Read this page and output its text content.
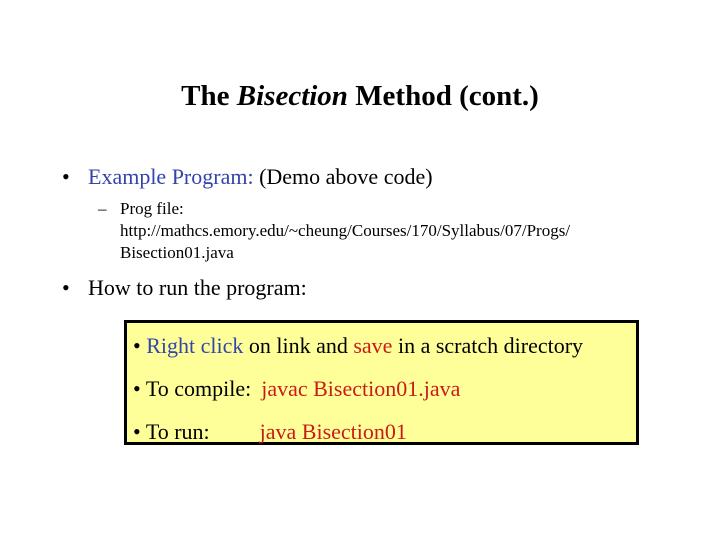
The Bisection Method (cont.)
• Example Program: (Demo above code)
– Prog file:
http://mathcs.emory.edu/~cheung/Courses/170/Syllabus/07/Progs/
Bisection01.java
• How to run the program:
• Right click on link and save in a scratch directory
• To compile: javac Bisection01.java
• To run: java Bisection01
